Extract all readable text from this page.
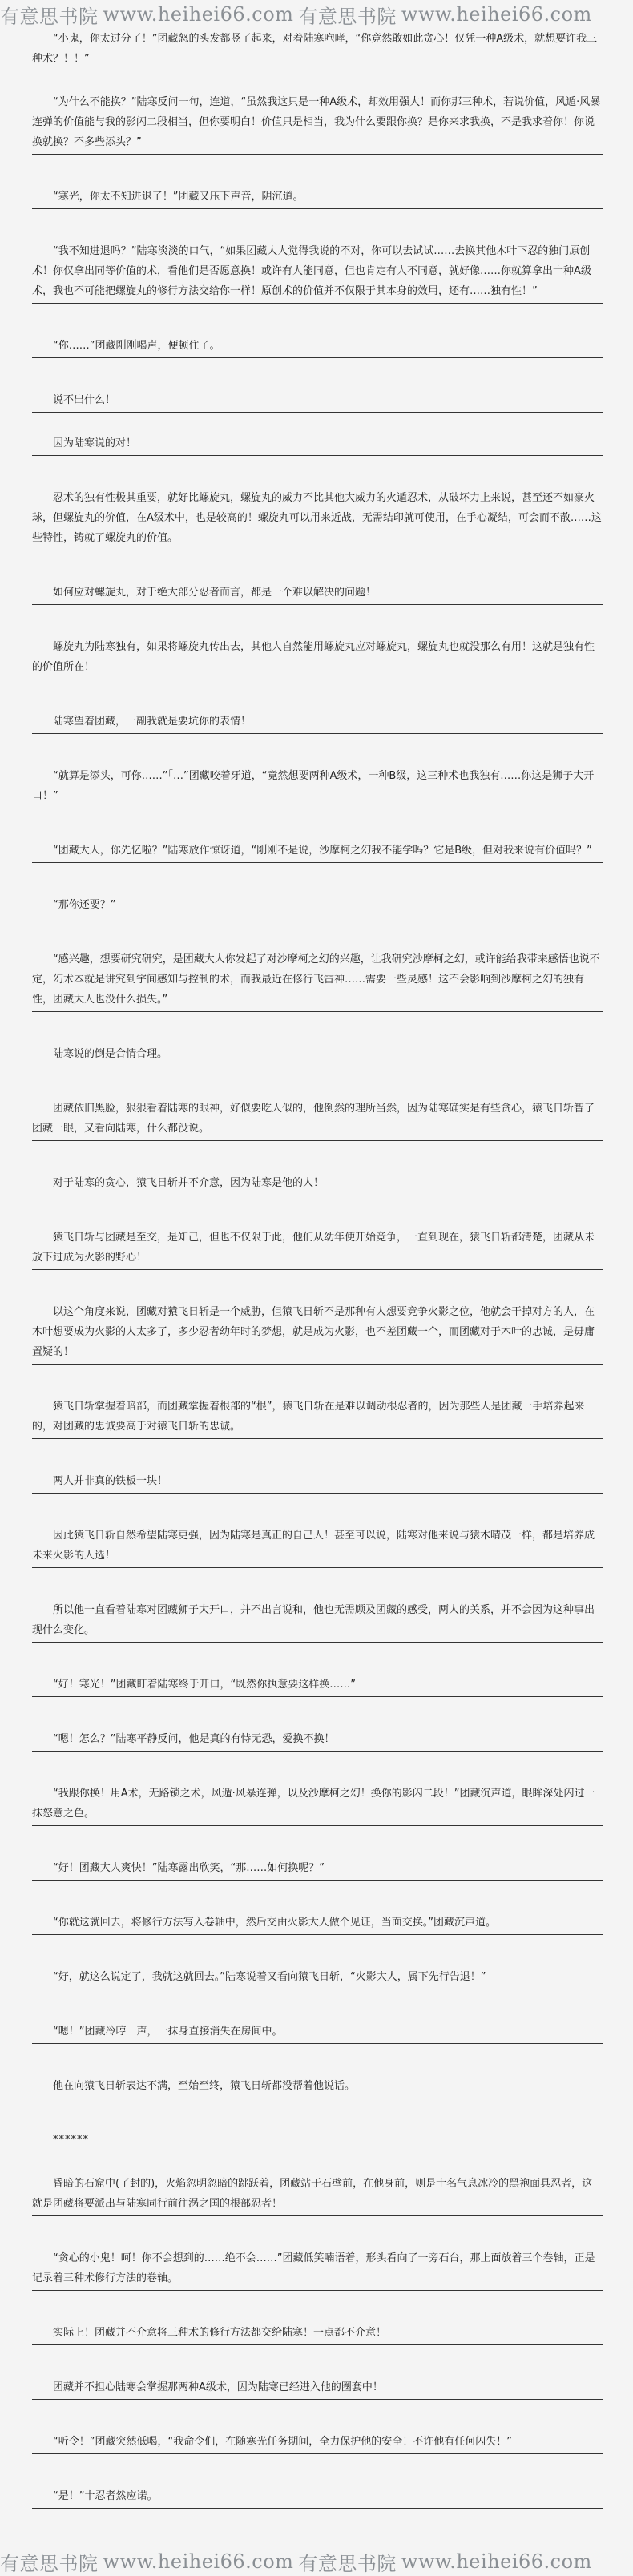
有意思书院 www.heihei66.com 有意思书院 www.heihei66.com

“小鬼，你太过分了！”团藏怒的头发都竖了起来，对着陆寒咆哮，“你竟然敢如此贪心！仅凭一种A级术，就想要许我三种术？！！”

“为什么不能换？”陆寒反问一句，连道，“虽然我这只是一种A级术，却效用强大！而你那三种术，若说价值，风遁·风暴连弹的价值能与我的影闪二段相当，但你要明白！价值只是相当，我为什么要跟你换？是你来求我换，不是我求着你！你说换就换？不多些添头？”

“寒光，你太不知进退了！”团藏又压下声音，阴沉道。

“我不知进退吗？”陆寒淡淡的口气，“如果团藏大人觉得我说的不对，你可以去试试……去换其他木叶下忍的独门原创术！你仅拿出同等价值的术，看他们是否愿意换！或许有人能同意，但也肯定有人不同意，就好像……你就算拿出十种A级术，我也不可能把螺旋丸的修行方法交给你一样！原创术的价值并不仅限于其本身的效用，还有……独有性！”

“你……”团藏刚刚喝声，便顿住了。

说不出什么！

因为陆寒说的对！

忍术的独有性极其重要，就好比螺旋丸，螺旋丸的威力不比其他大威力的火遁忍术，从破坏力上来说，甚至还不如豪火球，但螺旋丸的价值，在A级术中，也是较高的！螺旋丸可以用来近战，无需结印就可使用，在手心凝结，可会而不散……这些特性，铸就了螺旋丸的价值。

如何应对螺旋丸，对于绝大部分忍者而言，都是一个难以解决的问题！

螺旋丸为陆寒独有，如果将螺旋丸传出去，其他人自然能用螺旋丸应对螺旋丸，螺旋丸也就没那么有用！这就是独有性的价值所在！

陆寒望着团藏，一副我就是要坑你的表情！

“就算是添头，可你……”「…”团藏咬着牙道，“竟然想要两种A级术，一种B级，这三种术也我独有……你这是狮子大开口！”

“团藏大人，你先忆啦？”陆寒放作惊讶道，“刚刚不是说，沙摩柯之幻我不能学吗？它是B级，但对我来说有价值吗？”

“那你还要？”

“感兴趣，想要研究研究，是团藏大人你发起了对沙摩柯之幻的兴趣，让我研究沙摩柯之幻，或许能给我带来感悟也说不定，幻术本就是讲究到宇间感知与控制的术，而我最近在修行飞雷神……需要一些灵感！这不会影响到沙摩柯之幻的独有性，团藏大人也没什么损失。”

陆寒说的倒是合情合理。

团藏依旧黑脸，狠狠看着陆寒的眼神，好似要吃人似的，他倒然的理所当然，因为陆寒确实是有些贪心，猿飞日斩智了团藏一眼，又看向陆寒，什么都没说。

对于陆寒的贪心，猿飞日斩并不介意，因为陆寒是他的人！

猿飞日斩与团藏是至交，是知己，但也不仅限于此，他们从幼年便开始竞争，一直到现在，猿飞日斩都清楚，团藏从未放下过成为火影的野心！

以这个角度来说，团藏对猿飞日斩是一个威胁，但猿飞日斩不是那种有人想要竞争火影之位，他就会干掉对方的人，在木叶想要成为火影的人太多了，多少忍者幼年时的梦想，就是成为火影，也不差团藏一个，而团藏对于木叶的忠诚，是毋庸置疑的！

猿飞日斩掌握着暗部，而团藏掌握着根部的“根”，猿飞日斩在是难以调动根忍者的，因为那些人是团藏一手培养起来的，对团藏的忠诚要高于对猿飞日斩的忠诚。

两人并非真的铁板一块！

因此猿飞日斩自然希望陆寒更强，因为陆寒是真正的自己人！甚至可以说，陆寒对他来说与猿木晴茂一样，都是培养成未来火影的人选！

所以他一直看着陆寒对团藏狮子大开口，并不出言说和，他也无需顾及团藏的感受，两人的关系，并不会因为这种事出现什么变化。

“好！寒光！”团藏盯着陆寒终于开口，“既然你执意要这样换……”

“嗯！怎么？”陆寒平静反问，他是真的有恃无恐，爱换不换！

“我跟你换！用A术，无路锁之术，风遁·风暴连弹，以及沙摩柯之幻！换你的影闪二段！”团藏沉声道，眼眸深处闪过一抹怒意之色。

“好！团藏大人爽快！”陆寒露出欣笑，“那……如何换呢？”

“你就这就回去，将修行方法写入卷轴中，然后交由火影大人做个见证，当面交换。”团藏沉声道。

“好，就这么说定了，我就这就回去。”陆寒说着又看向猿飞日斩，“火影大人，属下先行告退！”

“嗯！”团藏冷哼一声，一抹身直接消失在房间中。

他在向猿飞日斩表达不满，至始至终，猿飞日斩都没帮着他说话。

******

昏暗的石窟中(了封的)，火焰忽明忽暗的跳跃着，团藏站于石壁前，在他身前，则是十名气息冰冷的黑袍面具忍者，这就是团藏将要派出与陆寒同行前往涡之国的根部忍者！

“贪心的小鬼！呵！你不会想到的……绝不会……”团藏低笑喃语着，形头看向了一旁石台，那上面放着三个卷轴，正是记录着三种术修行方法的卷轴。

实际上！团藏并不介意将三种术的修行方法都交给陆寒！一点都不介意！

团藏并不担心陆寒会掌握那两种A级术，因为陆寒已经进入他的圈套中！

“听令！”团藏突然低喝，“我命令们，在随寒光任务期间，全力保护他的安全！不许他有任何闪失！”

“是！”十忍者然应诺。

有意思书院 www.heihei66.com 有意思书院 www.heihei66.com
